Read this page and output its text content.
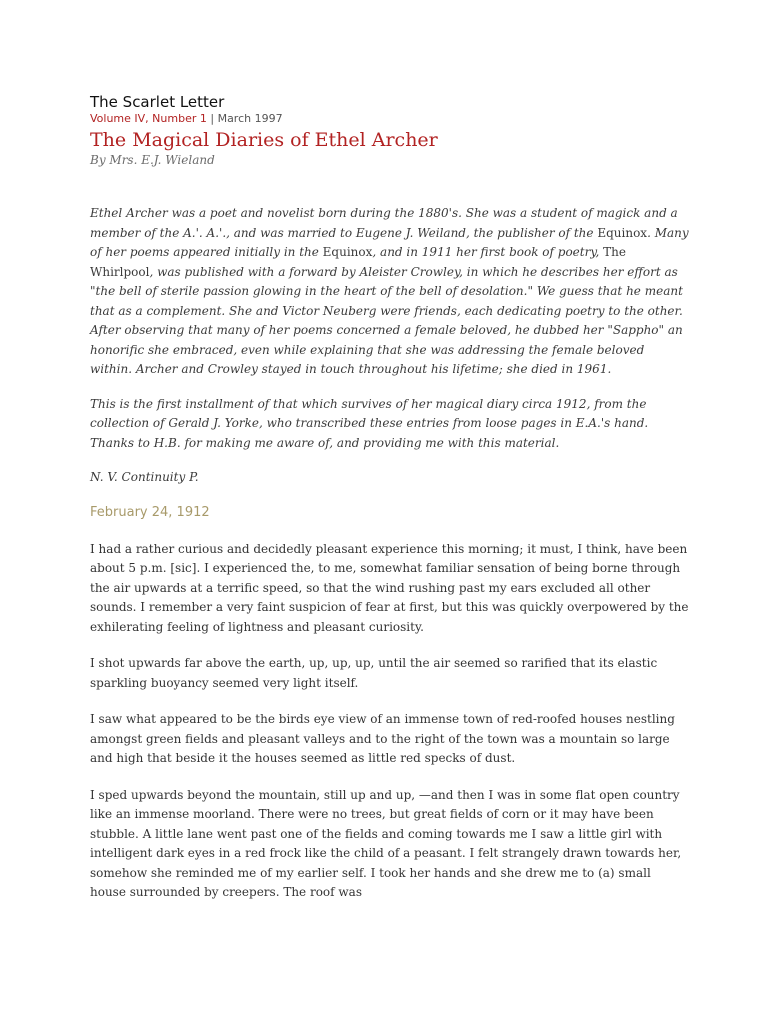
The Scarlet Letter

Volume IV, Number 1 | March 1997

The Magical Diaries of Ethel Archer

By Mrs. E.J. Wieland

Ethel Archer was a poet and novelist born during the 1880's. She was a student of magick and a member of the A.'. A.'., and was married to Eugene J. Weiland, the publisher of the Equinox. Many of her poems appeared initially in the Equinox, and in 1911 her first book of poetry, The Whirlpool, was published with a forward by Aleister Crowley, in which he describes her effort as "the bell of sterile passion glowing in the heart of the bell of desolation." We guess that he meant that as a complement. She and Victor Neuberg were friends, each dedicating poetry to the other. After observing that many of her poems concerned a female beloved, he dubbed her "Sappho" an honorific she embraced, even while explaining that she was addressing the female beloved within. Archer and Crowley stayed in touch throughout his lifetime; she died in 1961.

This is the first installment of that which survives of her magical diary circa 1912, from the collection of Gerald J. Yorke, who transcribed these entries from loose pages in E.A.'s hand. Thanks to H.B. for making me aware of, and providing me with this material.

N. V. Continuity P.

February 24, 1912

I had a rather curious and decidedly pleasant experience this morning; it must, I think, have been about 5 p.m. [sic]. I experienced the, to me, somewhat familiar sensation of being borne through the air upwards at a terrific speed, so that the wind rushing past my ears excluded all other sounds. I remember a very faint suspicion of fear at first, but this was quickly overpowered by the exhilerating feeling of lightness and pleasant curiosity.

I shot upwards far above the earth, up, up, up, until the air seemed so rarified that its elastic sparkling buoyancy seemed very light itself.

I saw what appeared to be the birds eye view of an immense town of red-roofed houses nestling amongst green fields and pleasant valleys and to the right of the town was a mountain so large and high that beside it the houses seemed as little red specks of dust.

I sped upwards beyond the mountain, still up and up, —and then I was in some flat open country like an immense moorland. There were no trees, but great fields of corn or it may have been stubble. A little lane went past one of the fields and coming towards me I saw a little girl with intelligent dark eyes in a red frock like the child of a peasant. I felt strangely drawn towards her, somehow she reminded me of my earlier self. I took her hands and she drew me to (a) small house surrounded by creepers. The roof was
